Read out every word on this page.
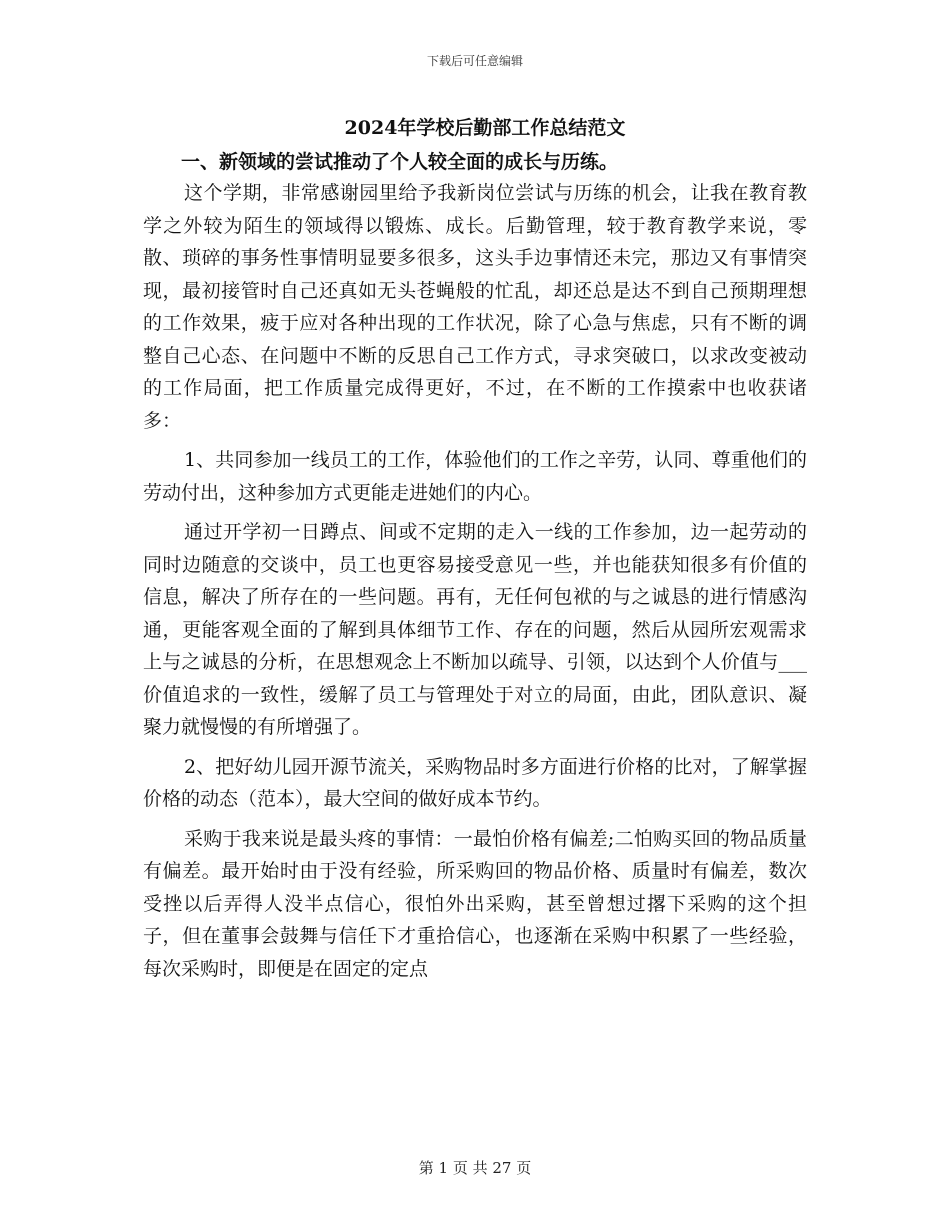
下载后可任意编辑
2024年学校后勤部工作总结范文
一、新领域的尝试推动了个人较全面的成长与历练。

这个学期，非常感谢园里给予我新岗位尝试与历练的机会，让我在教育教学之外较为陌生的领域得以锻炼、成长。后勤管理，较于教育教学来说，零散、琐碎的事务性事情明显要多很多，这头手边事情还未完，那边又有事情突现，最初接管时自己还真如无头苍蝇般的忙乱，却还总是达不到自己预期理想的工作效果，疲于应对各种出现的工作状况，除了心急与焦虑，只有不断的调整自己心态、在问题中不断的反思自己工作方式，寻求突破口，以求改变被动的工作局面，把工作质量完成得更好，不过，在不断的工作摸索中也收获诸多：

1、共同参加一线员工的工作，体验他们的工作之辛劳，认同、尊重他们的劳动付出，这种参加方式更能走进她们的内心。

通过开学初一日蹲点、间或不定期的走入一线的工作参加，边一起劳动的同时边随意的交谈中，员工也更容易接受意见一些，并也能获知很多有价值的信息，解决了所存在的一些问题。再有，无任何包袱的与之诚恳的进行情感沟通，更能客观全面的了解到具体细节工作、存在的问题，然后从园所宏观需求上与之诚恳的分析，在思想观念上不断加以疏导、引领，以达到个人价值与___价值追求的一致性，缓解了员工与管理处于对立的局面，由此，团队意识、凝聚力就慢慢的有所增强了。

2、把好幼儿园开源节流关，采购物品时多方面进行价格的比对，了解掌握价格的动态（范本），最大空间的做好成本节约。

采购于我来说是最头疼的事情：一最怕价格有偏差;二怕购买回的物品质量有偏差。最开始时由于没有经验，所采购回的物品价格、质量时有偏差，数次受挫以后弄得人没半点信心，很怕外出采购，甚至曾想过撂下采购的这个担子，但在董事会鼓舞与信任下才重拾信心，也逐渐在采购中积累了一些经验，每次采购时，即便是在固定的定点

第 1 页 共 27 页
